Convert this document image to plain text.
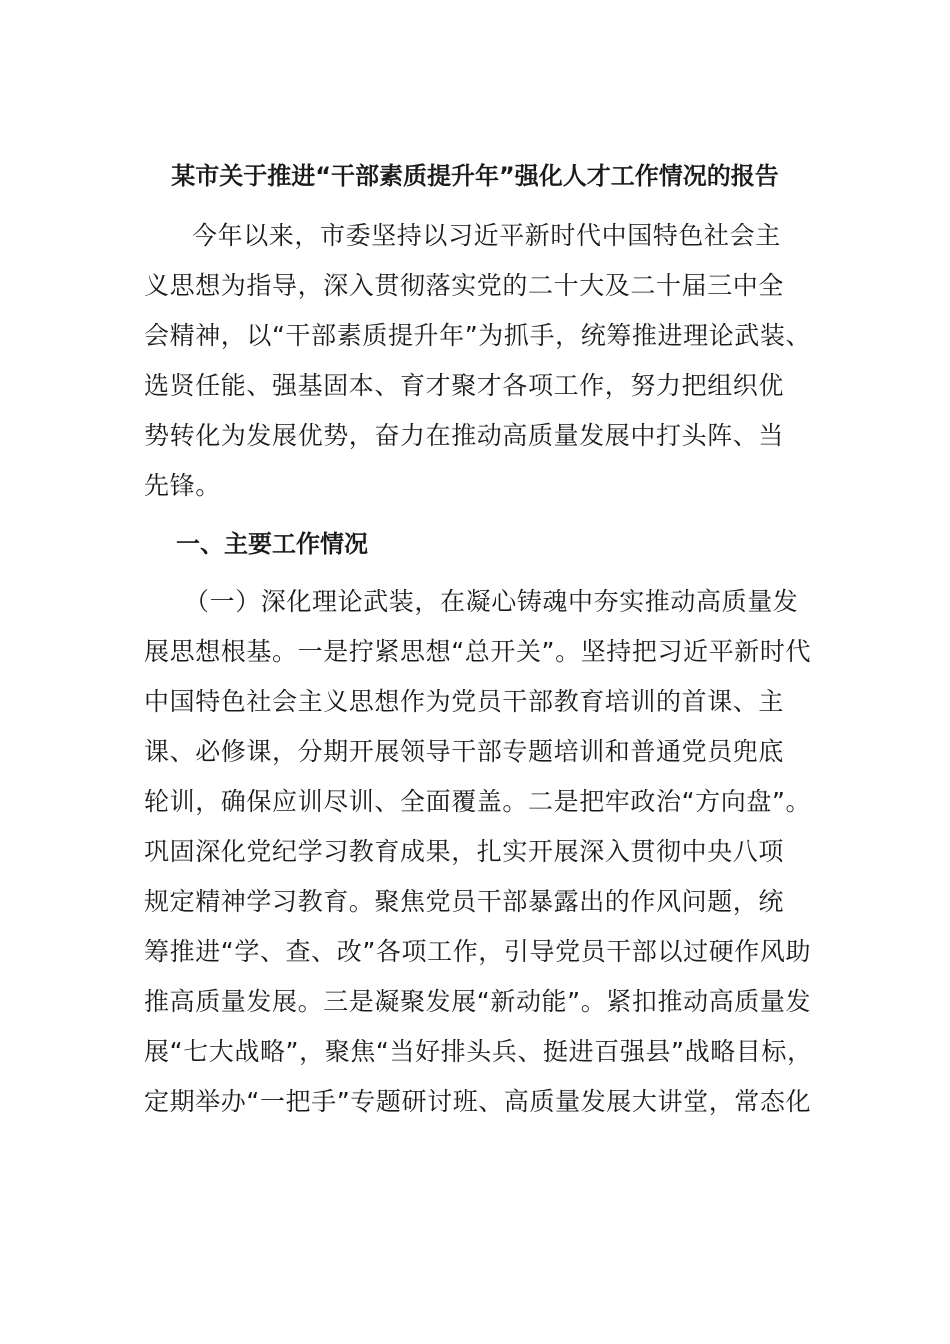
某市关于推进“干部素质提升年”强化人才工作情况的报告
今年以来，市委坚持以习近平新时代中国特色社会主
义思想为指导，深入贯彻落实党的二十大及二十届三中全
会精神，以“干部素质提升年”为抓手，统筹推进理论武装、
选贤任能、强基固本、育才聚才各项工作，努力把组织优
势转化为发展优势，奋力在推动高质量发展中打头阵、当
先锋。
一、主要工作情况
（一）深化理论武装，在凝心铸魂中夯实推动高质量发
展思想根基。一是拧紧思想“总开关”。坚持把习近平新时代
中国特色社会主义思想作为党员干部教育培训的首课、主
课、必修课，分期开展领导干部专题培训和普通党员兜底
轮训，确保应训尽训、全面覆盖。二是把牢政治“方向盘”。
巩固深化党纪学习教育成果，扎实开展深入贯彻中央八项
规定精神学习教育。聚焦党员干部暴露出的作风问题，统
筹推进“学、查、改”各项工作，引导党员干部以过硬作风助
推高质量发展。三是凝聚发展“新动能”。紧扣推动高质量发
展“七大战略”，聚焦“当好排头兵、挺进百强县”战略目标，
定期举办“一把手”专题研讨班、高质量发展大讲堂，常态化
